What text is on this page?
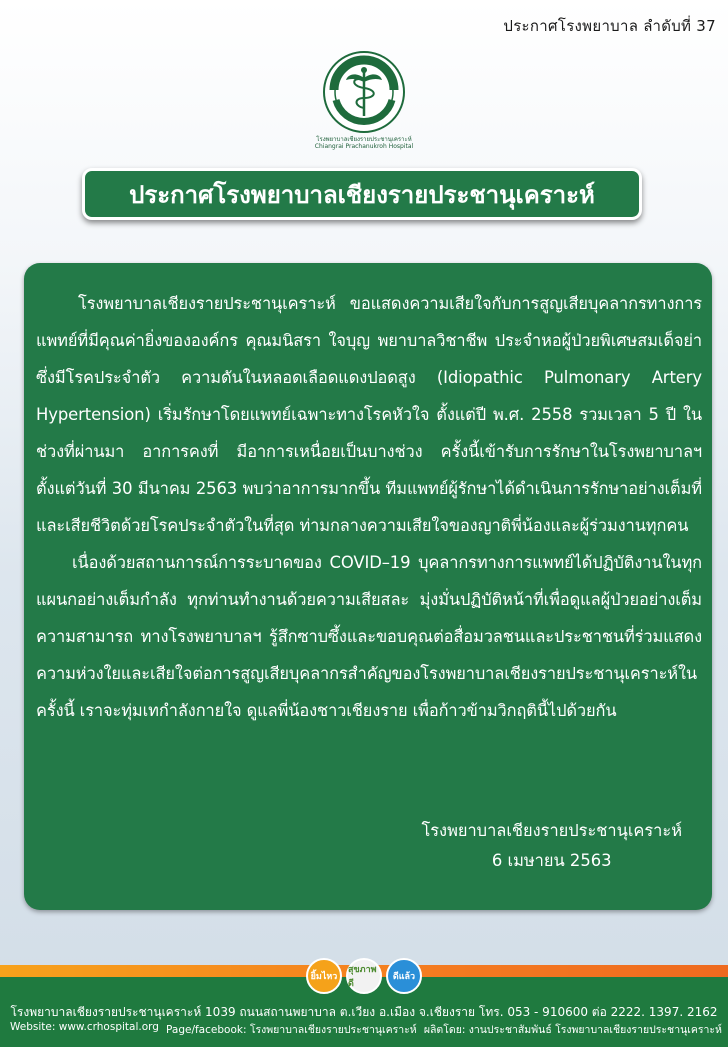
ประกาศโรงพยาบาล ลำดับที่ 37
โรงพยาบาลเชียงรายประชานุเคราะห์
Chiangrai Prachanukroh Hospital
ประกาศโรงพยาบาลเชียงรายประชานุเคราะห์

โรงพยาบาลเชียงรายประชานุเคราะห์ ขอแสดงความเสียใจกับการสูญเสียบุคลากรทางการแพทย์ที่มีคุณค่ายิ่งขององค์กร คุณมนิสรา ใจบุญ พยาบาลวิชาชีพ ประจำหอผู้ป่วยพิเศษสมเด็จย่า ซึ่งมีโรคประจำตัว ความดันในหลอดเลือดแดงปอดสูง (Idiopathic Pulmonary Artery Hypertension) เริ่มรักษาโดยแพทย์เฉพาะทางโรคหัวใจ ตั้งแต่ปี พ.ศ. 2558 รวมเวลา 5 ปี ในช่วงที่ผ่านมา อาการคงที่ มีอาการเหนื่อยเป็นบางช่วง ครั้งนี้เข้ารับการรักษาในโรงพยาบาลฯ ตั้งแต่วันที่ 30 มีนาคม 2563 พบว่าอาการมากขึ้น ทีมแพทย์ผู้รักษาได้ดำเนินการรักษาอย่างเต็มที่ และเสียชีวิตด้วยโรคประจำตัวในที่สุด ท่ามกลางความเสียใจของญาติพี่น้องและผู้ร่วมงานทุกคน

เนื่องด้วยสถานการณ์การระบาดของ COVID–19 บุคลากรทางการแพทย์ได้ปฏิบัติงานในทุกแผนกอย่างเต็มกำลัง ทุกท่านทำงานด้วยความเสียสละ มุ่งมั่นปฏิบัติหน้าที่เพื่อดูแลผู้ป่วยอย่างเต็มความสามารถ ทางโรงพยาบาลฯ รู้สึกซาบซึ้งและขอบคุณต่อสื่อมวลชนและประชาชนที่ร่วมแสดงความห่วงใยและเสียใจต่อการสูญเสียบุคลากรสำคัญของโรงพยาบาลเชียงรายประชานุเคราะห์ในครั้งนี้ เราจะทุ่มเทกำลังกายใจ ดูแลพี่น้องชาวเชียงราย เพื่อก้าวข้ามวิกฤตินี้ไปด้วยกัน

โรงพยาบาลเชียงรายประชานุเคราะห์
6 เมษายน 2563
ยิ้มไหว
สุขภาพดี
ดีแล้ว
โรงพยาบาลเชียงรายประชานุเคราะห์ 1039 ถนนสถานพยาบาล ต.เวียง อ.เมือง จ.เชียงราย โทร. 053 - 910600 ต่อ 2222. 1397. 2162
Website: www.crhospital.org Page/facebook: โรงพยาบาลเชียงรายประชานุเคราะห์ ผลิตโดย: งานประชาสัมพันธ์ โรงพยาบาลเชียงรายประชานุเคราะห์
